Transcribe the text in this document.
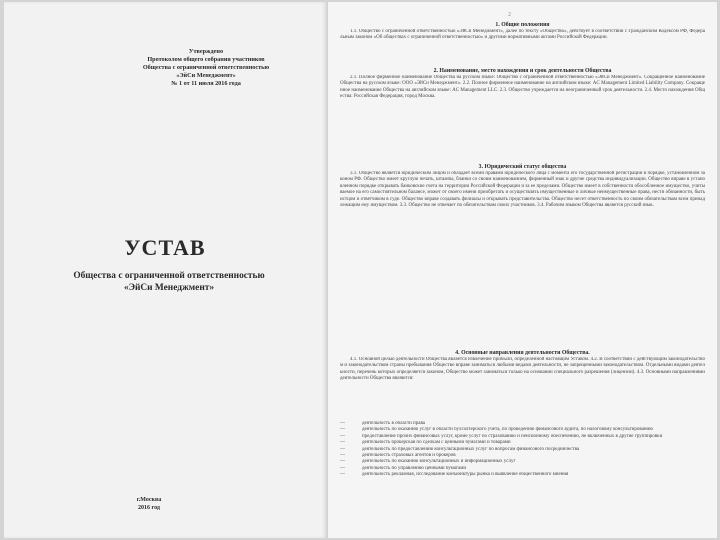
Утверждено
Протоколом общего собрания участников
Общества с ограниченной ответственностью
«ЭйСи Менеджмент»
№ 1 от 11 июля 2016 года
УСТАВ
Общества с ограниченной ответственностью
«ЭйСи Менеджмент»
г.Москва
2016 год
2
1. Общие положения
1.1. Общество с ограниченной ответственностью «ЭйСи Менеджмент», далее по тексту «Общество», действует в соответствии с Гражданским Кодексом РФ, Федеральным законом «Об обществах с ограниченной ответственностью» и другими нормативными актами Российской Федерации.
2. Наименование, место нахождения и срок деятельности Общества
2.1. Полное фирменное наименование Общества на русском языке: Общество с ограниченной ответственностью «ЭйСи Менеджмент». Сокращенное наименование Общества на русском языке: ООО «ЭйСи Менеджмент». 2.2. Полное фирменное наименование на английском языке: AC Management Limited Liability Company. Сокращенное наименование Общества на английском языке: AC Management LLC. 2.3. Общество учреждается на неограниченный срок деятельности. 2.4. Место нахождения Общества: Российская Федерация, город Москва.
3. Юридический статус общества
3.1. Общество является юридическим лицом и обладает всеми правами юридического лица с момента его государственной регистрации в порядке, установленном законом РФ. Общество имеет круглую печать, штампы, бланки со своим наименованием, фирменный знак и другие средства индивидуализации. Общество вправе в установленном порядке открывать банковские счета на территории Российской Федерации и за ее пределами. Общество имеет в собственности обособленное имущество, учитываемое на его самостоятельном балансе, может от своего имени приобретать и осуществлять имущественные и личные неимущественные права, нести обязанности, быть истцом и ответчиком в суде. Общество вправе создавать филиалы и открывать представительства. Общество несет ответственность по своим обязательствам всем принадлежащим ему имуществом. 3.3. Общество не отвечает по обязательствам своих участников. 3.4. Рабочим языком Общества является русский язык.
4. Основные направления деятельности Общества.
4.1. Основной целью деятельности Общества является извлечение прибыли, определенной настоящим Уставом. 4.2. В соответствии с действующим законодательством и законодательством страны пребывания Общество вправе заниматься любыми видами деятельности, не запрещенными законодательством. Отдельными видами деятельности, перечень которых определяется законом, Общество может заниматься только на основании специального разрешения (лицензии). 4.3. Основными направлениями деятельности Общества являются:
—	деятельность в области права
—	деятельность по оказанию услуг в области бухгалтерского учета, по проведению финансового аудита, по налоговому консультированию
—	предоставление прочих финансовых услуг, кроме услуг по страхованию и пенсионному обеспечению, не включенных в другие группировки
—	деятельность брокерская по сделкам с ценными бумагами и товарами
—	деятельность по предоставлению консультационных услуг по вопросам финансового посредничества
—	деятельность страховых агентов и брокеров
—	деятельность по оказанию консультационных и информационных услуг
—	деятельность по управлению ценными бумагами
—	деятельность рекламная, исследование конъюнктуры рынка и выявление общественного мнения
